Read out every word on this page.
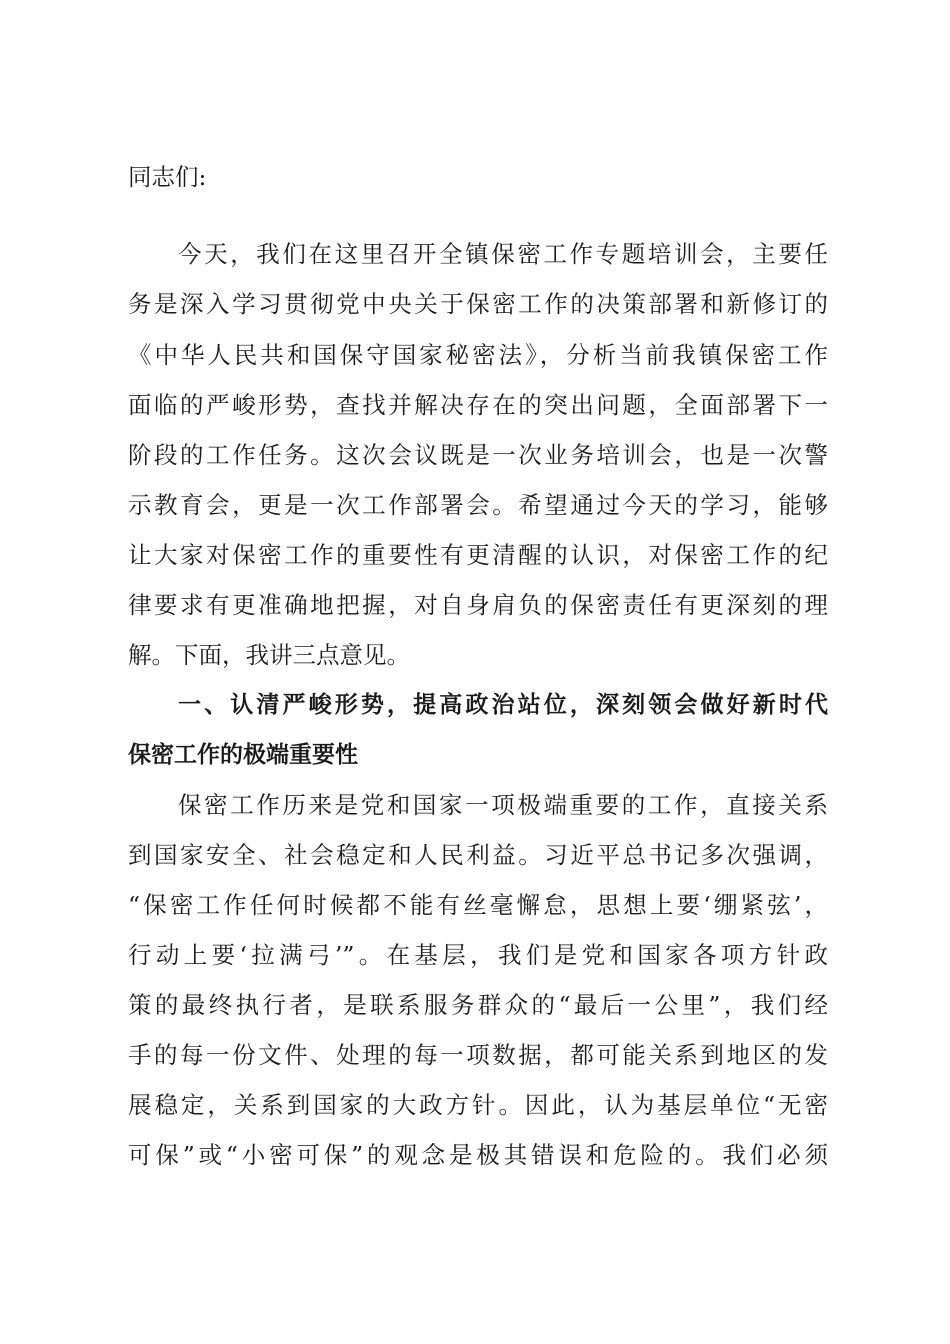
同志们:
今天，我们在这里召开全镇保密工作专题培训会，主要任
务是深入学习贯彻党中央关于保密工作的决策部署和新修订的
《中华人民共和国保守国家秘密法》，分析当前我镇保密工作
面临的严峻形势，查找并解决存在的突出问题，全面部署下一
阶段的工作任务。这次会议既是一次业务培训会，也是一次警
示教育会，更是一次工作部署会。希望通过今天的学习，能够
让大家对保密工作的重要性有更清醒的认识，对保密工作的纪
律要求有更准确地把握，对自身肩负的保密责任有更深刻的理
解。下面，我讲三点意见。
一、认清严峻形势，提高政治站位，深刻领会做好新时代
保密工作的极端重要性
保密工作历来是党和国家一项极端重要的工作，直接关系
到国家安全、社会稳定和人民利益。习近平总书记多次强调，
“保密工作任何时候都不能有丝毫懈怠，思想上要‘绷紧弦’，
行动上要‘拉满弓’”。在基层，我们是党和国家各项方针政
策的最终执行者，是联系服务群众的“最后一公里”，我们经
手的每一份文件、处理的每一项数据，都可能关系到地区的发
展稳定，关系到国家的大政方针。因此，认为基层单位“无密
可保”或“小密可保”的观念是极其错误和危险的。我们必须
